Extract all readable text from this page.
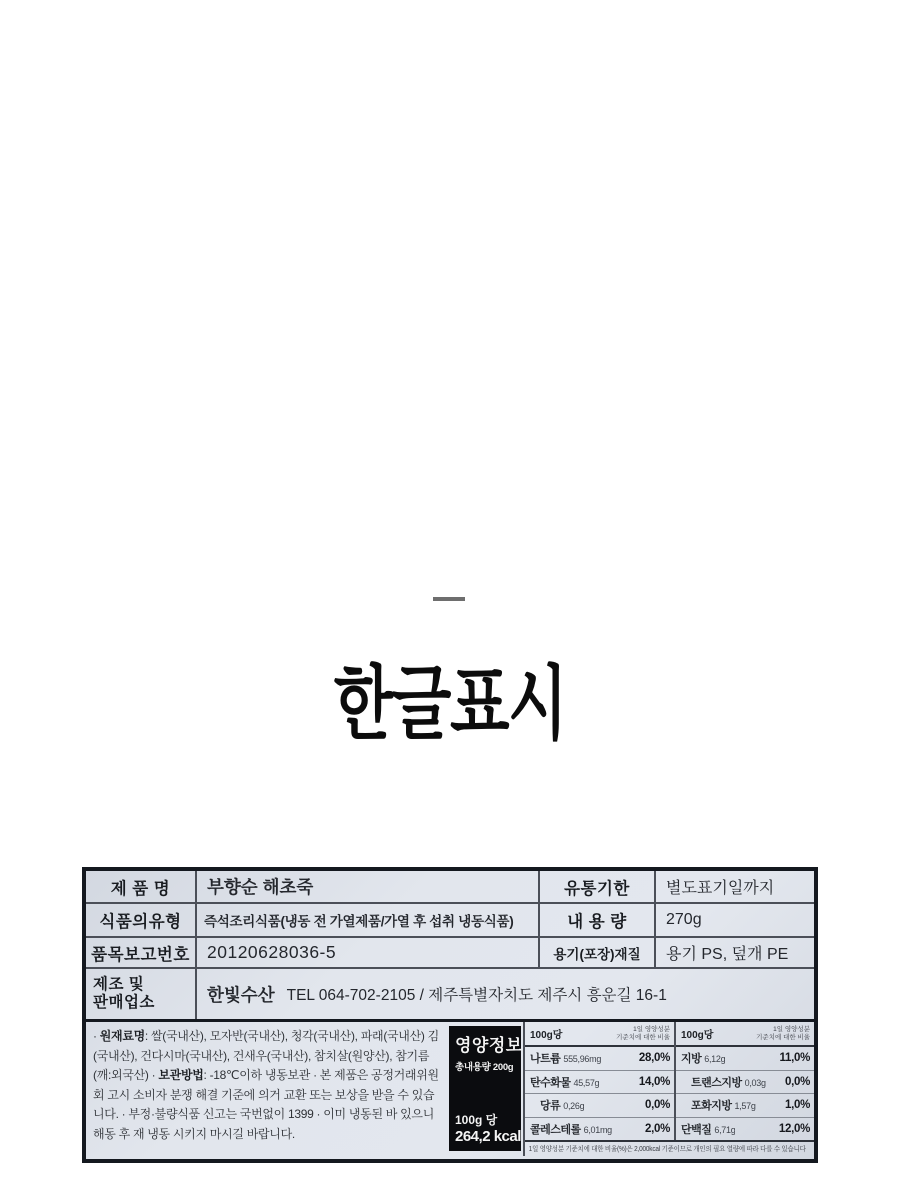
한글표시
제 품 명	부향순 해초죽	유통기한	별도표기일까지
식품의유형	즉석조리식품(냉동 전 가열제품/가열 후 섭취 냉동식품)	내 용 량	270g
품목보고번호 20120628036-5	용기(포장)재질	용기 PS, 덮개 PE
제조 및
판매업소	한빛수산 TEL 064-702-2105 / 제주특별자치도 제주시 흥운길 16-1
· 원재료명: 쌀(국내산), 모자반(국내산), 청각(국내산), 파래(국내산) 김(국내산), 건다시마(국내산), 건새우(국내산), 참치살(원양산), 참기름(깨:외국산) · 보관방법: -18℃이하 냉동보관 · 본 제품은 공정거래위원회 고시 소비자 분쟁 해결 기준에 의거 교환 또는 보상을 받을 수 있습니다. · 부정·불량식품 신고는 국번없이 1399 · 이미 냉동된 바 있으니 해동 후 재 냉동 시키지 마시길 바랍니다.
영양정보
총내용량 200g
100g 당
264,2 kcal
100g당
1일 영양성분
기준치에 대한 비율
나트륨 555,96mg	28,0%
탄수화물 45,57g	14,0%
당류 0,26g	0,0%
콜레스테롤 6,01mg	2,0%
100g당
1일 영양성분
기준치에 대한 비율
지방 6,12g	11,0%
트랜스지방 0,03g 0,0%
포화지방 1,57g	1,0%
단백질 6,71g	12,0%
1일 영양성분 기준치에 대한 비율(%)은 2,000kcal 기준이므로 개인의 필요 열량에 따라 다를 수 있습니다
